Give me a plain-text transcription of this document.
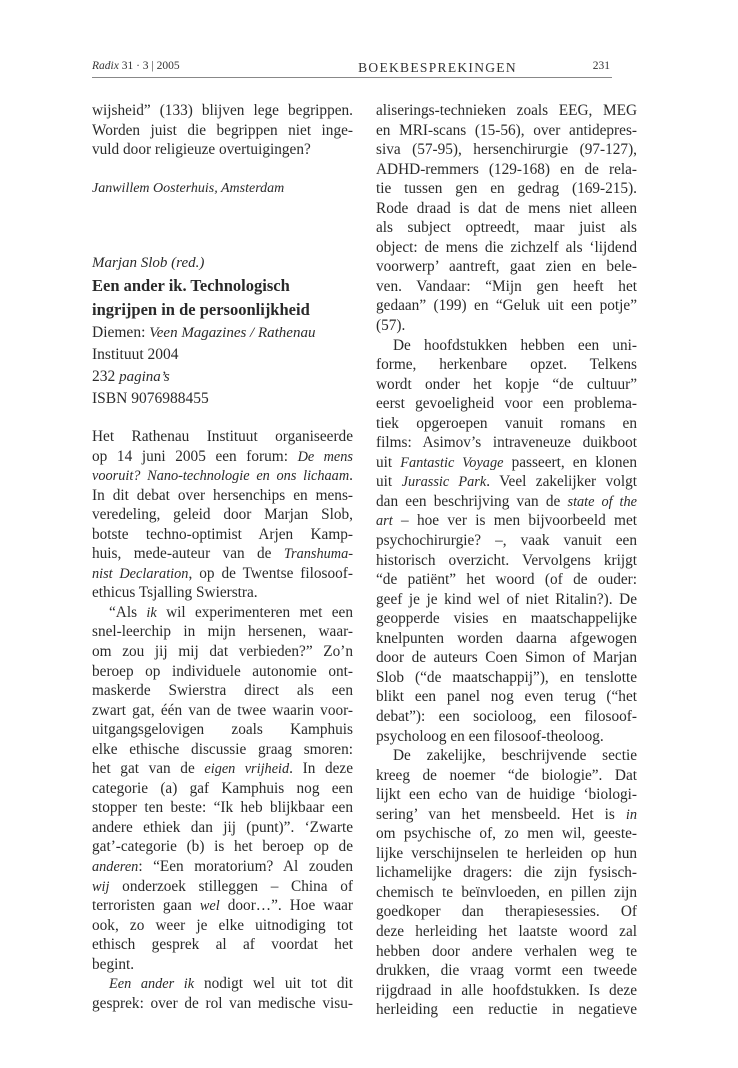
Radix 31 · 3 | 2005	BOEKBESPREKINGEN	231
wijsheid” (133) blijven lege begrippen.
Worden juist die begrippen niet inge-
vuld door religieuze overtuigingen?
Janwillem Oosterhuis, Amsterdam
Marjan Slob (red.)
Een ander ik. Technologisch
ingrijpen in de persoonlijkheid
Diemen: Veen Magazines / Rathenau
Instituut 2004
232 pagina’s
ISBN 9076988455
Het Rathenau Instituut organiseerde
op 14 juni 2005 een forum: De mens
vooruit? Nano-technologie en ons lichaam.
In dit debat over hersenchips en mens-
veredeling, geleid door Marjan Slob,
botste techno-optimist Arjen Kamp-
huis, mede-auteur van de Transhuma-
nist Declaration, op de Twentse filosoof-
ethicus Tsjalling Swierstra.
“Als ik wil experimenteren met een
snel-leerchip in mijn hersenen, waar-
om zou jij mij dat verbieden?” Zo’n
beroep op individuele autonomie ont-
maskerde Swierstra direct als een
zwart gat, één van de twee waarin voor-
uitgangsgelovigen zoals Kamphuis
elke ethische discussie graag smoren:
het gat van de eigen vrijheid. In deze
categorie (a) gaf Kamphuis nog een
stopper ten beste: “Ik heb blijkbaar een
andere ethiek dan jij (punt)”. ‘Zwarte
gat’-categorie (b) is het beroep op de
anderen: “Een moratorium? Al zouden
wij onderzoek stilleggen – China of
terroristen gaan wel door…”. Hoe waar
ook, zo weer je elke uitnodiging tot
ethisch gesprek al af voordat het
begint.
Een ander ik nodigt wel uit tot dit
gesprek: over de rol van medische visu-
aliserings-technieken zoals EEG, MEG
en MRI-scans (15-56), over antidepres-
siva (57-95), hersenchirurgie (97-127),
ADHD-remmers (129-168) en de rela-
tie tussen gen en gedrag (169-215).
Rode draad is dat de mens niet alleen
als subject optreedt, maar juist als
object: de mens die zichzelf als ‘lijdend
voorwerp’ aantreft, gaat zien en bele-
ven. Vandaar: “Mijn gen heeft het
gedaan” (199) en “Geluk uit een potje”
(57).
De hoofdstukken hebben een uni-
forme, herkenbare opzet. Telkens
wordt onder het kopje “de cultuur”
eerst gevoeligheid voor een problema-
tiek opgeroepen vanuit romans en
films: Asimov’s intraveneuze duikboot
uit Fantastic Voyage passeert, en klonen
uit Jurassic Park. Veel zakelijker volgt
dan een beschrijving van de state of the
art – hoe ver is men bijvoorbeeld met
psychochirurgie? –, vaak vanuit een
historisch overzicht. Vervolgens krijgt
“de patiënt” het woord (of de ouder:
geef je je kind wel of niet Ritalin?). De
geopperde visies en maatschappelijke
knelpunten worden daarna afgewogen
door de auteurs Coen Simon of Marjan
Slob (“de maatschappij”), en tenslotte
blikt een panel nog even terug (“het
debat”): een socioloog, een filosoof-
psycholoog en een filosoof-theoloog.
De zakelijke, beschrijvende sectie
kreeg de noemer “de biologie”. Dat
lijkt een echo van de huidige ‘biologi-
sering’ van het mensbeeld. Het is in
om psychische of, zo men wil, geeste-
lijke verschijnselen te herleiden op hun
lichamelijke dragers: die zijn fysisch-
chemisch te beïnvloeden, en pillen zijn
goedkoper dan therapiesessies. Of
deze herleiding het laatste woord zal
hebben door andere verhalen weg te
drukken, die vraag vormt een tweede
rijgdraad in alle hoofdstukken. Is deze
herleiding een reductie in negatieve
